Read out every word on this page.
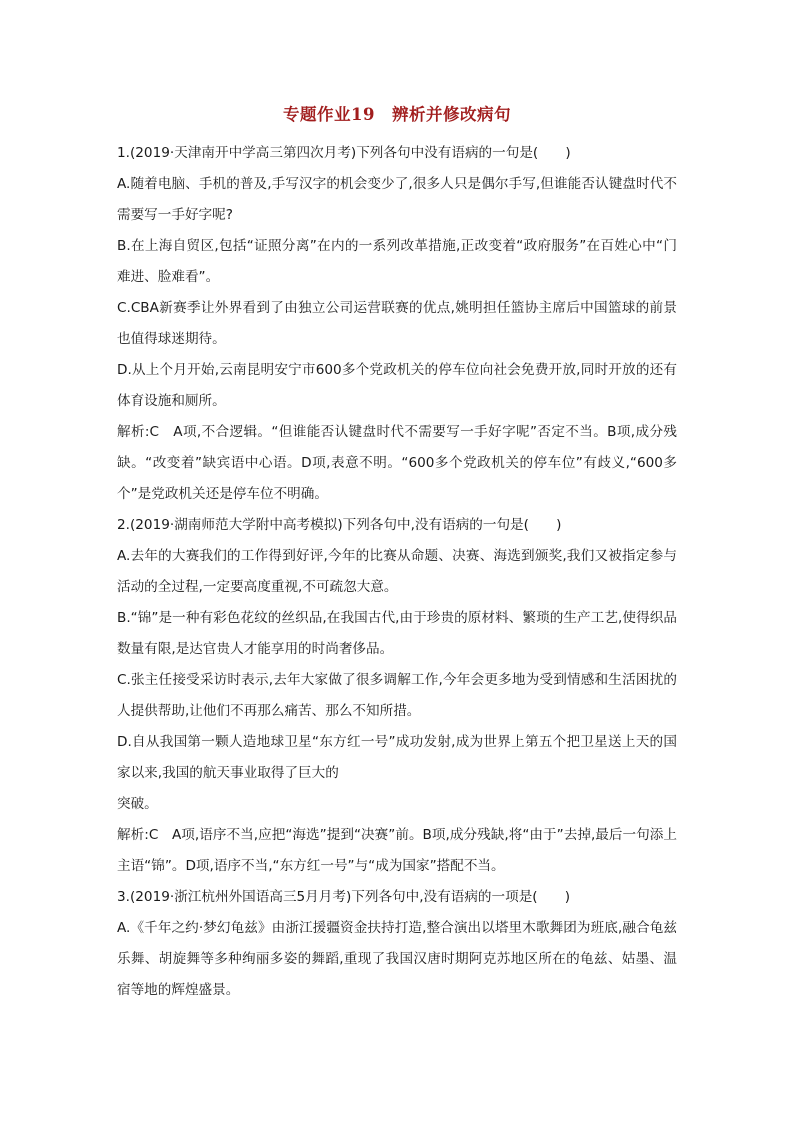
专题作业19　辨析并修改病句

1.(2019·天津南开中学高三第四次月考)下列各句中没有语病的一句是(　　)

A.随着电脑、手机的普及,手写汉字的机会变少了,很多人只是偶尔手写,但谁能否认键盘时代不需要写一手好字呢?

B.在上海自贸区,包括“证照分离”在内的一系列改革措施,正改变着“政府服务”在百姓心中“门难进、脸难看”。

C.CBA新赛季让外界看到了由独立公司运营联赛的优点,姚明担任篮协主席后中国篮球的前景也值得球迷期待。

D.从上个月开始,云南昆明安宁市600多个党政机关的停车位向社会免费开放,同时开放的还有体育设施和厕所。

解析:C　A项,不合逻辑。“但谁能否认键盘时代不需要写一手好字呢”否定不当。B项,成分残缺。“改变着”缺宾语中心语。D项,表意不明。“600多个党政机关的停车位”有歧义,“600多个”是党政机关还是停车位不明确。

2.(2019·湖南师范大学附中高考模拟)下列各句中,没有语病的一句是(　　)

A.去年的大赛我们的工作得到好评,今年的比赛从命题、决赛、海选到颁奖,我们又被指定参与活动的全过程,一定要高度重视,不可疏忽大意。

B.“锦”是一种有彩色花纹的丝织品,在我国古代,由于珍贵的原材料、繁琐的生产工艺,使得织品数量有限,是达官贵人才能享用的时尚奢侈品。

C.张主任接受采访时表示,去年大家做了很多调解工作,今年会更多地为受到情感和生活困扰的人提供帮助,让他们不再那么痛苦、那么不知所措。

D.自从我国第一颗人造地球卫星“东方红一号”成功发射,成为世界上第五个把卫星送上天的国家以来,我国的航天事业取得了巨大的

突破。

解析:C　A项,语序不当,应把“海选”提到“决赛”前。B项,成分残缺,将“由于”去掉,最后一句添上主语“锦”。D项,语序不当,“东方红一号”与“成为国家”搭配不当。

3.(2019·浙江杭州外国语高三5月月考)下列各句中,没有语病的一项是(　　)

A.《千年之约·梦幻龟兹》由浙江援疆资金扶持打造,整合演出以塔里木歌舞团为班底,融合龟兹乐舞、胡旋舞等多种绚丽多姿的舞蹈,重现了我国汉唐时期阿克苏地区所在的龟兹、姑墨、温宿等地的辉煌盛景。
